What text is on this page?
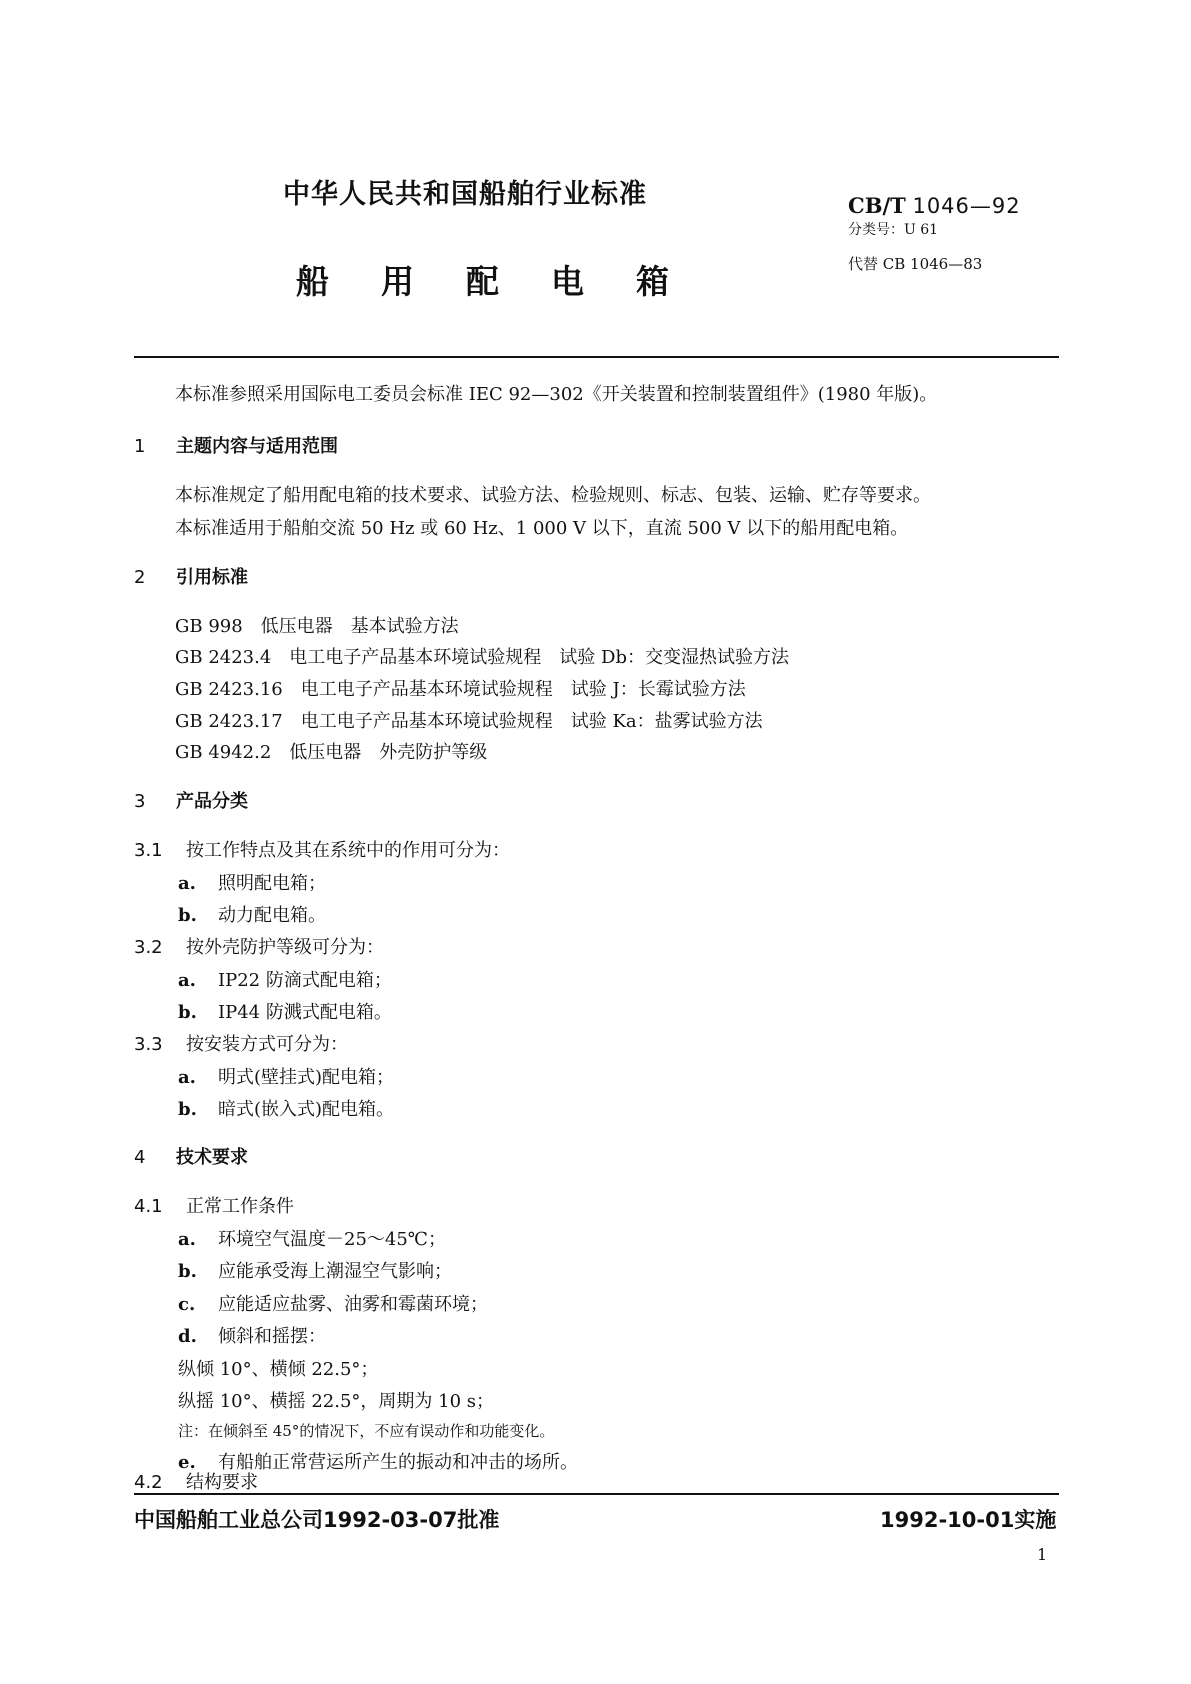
中华人民共和国船舶行业标准	CB/T 1046—92
分类号：U 61
代替 CB 1046—83
船用配电箱
本标准参照采用国际电工委员会标准 IEC 92—302《开关装置和控制装置组件》(1980 年版)。
1 主题内容与适用范围
本标准规定了船用配电箱的技术要求、试验方法、检验规则、标志、包装、运输、贮存等要求。
本标准适用于船舶交流 50 Hz 或 60 Hz、1 000 V 以下，直流 500 V 以下的船用配电箱。
2 引用标准
GB 998　低压电器　基本试验方法
GB 2423.4　电工电子产品基本环境试验规程　试验 Db：交变湿热试验方法
GB 2423.16　电工电子产品基本环境试验规程　试验 J：长霉试验方法
GB 2423.17　电工电子产品基本环境试验规程　试验 Ka：盐雾试验方法
GB 4942.2　低压电器　外壳防护等级
3 产品分类
3.1 按工作特点及其在系统中的作用可分为：
a. 照明配电箱；
b. 动力配电箱。
3.2 按外壳防护等级可分为：
a. IP22 防滴式配电箱；
b. IP44 防溅式配电箱。
3.3 按安装方式可分为：
a. 明式(壁挂式)配电箱；
b. 暗式(嵌入式)配电箱。
4 技术要求
4.1 正常工作条件
a. 环境空气温度－25～45℃；
b. 应能承受海上潮湿空气影响；
c. 应能适应盐雾、油雾和霉菌环境；
d. 倾斜和摇摆：
纵倾 10°、横倾 22.5°；
纵摇 10°、横摇 22.5°，周期为 10 s；
注：在倾斜至 45°的情况下，不应有误动作和功能变化。
e. 有船舶正常营运所产生的振动和冲击的场所。
4.2 结构要求
中国船舶工业总公司1992-03-07批准	1992-10-01实施
1
